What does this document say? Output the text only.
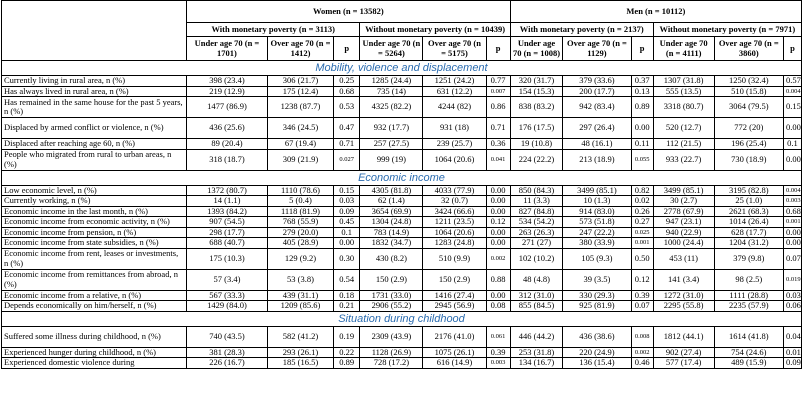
	Women (n = 13582)						Men (n = 10112)					
	With monetary poverty (n = 3113)			Without monetary poverty (n = 10439)			With monetary poverty (n = 2137)			Without monetary poverty (n = 7971)		
	Under age 70 (n = 1701)	Over age 70 (n = 1412)	p	Under age 70 (n = 5264)	Over age 70 (n = 5175)	p	Under age 70 (n = 1008)	Over age 70 (n = 1129)	p	Under age 70 (n = 4111)	Over age 70 (n = 3860)	p
Mobility, violence and displacement												
Currently living in rural area, n (%)	398 (23.4)	306 (21.7)	0.25	1285 (24.4)	1251 (24.2)	0.77	320 (31.7)	379 (33.6)	0.37	1307 (31.8)	1250 (32.4)	0.57
Has always lived in rural area, n (%)	219 (12.9)	175 (12.4)	0.68	735 (14)	631 (12.2)	0.007	154 (15.3)	200 (17.7)	0.13	555 (13.5)	510 (15.8)	0.004
Has remained in the same house for the past 5 years, n (%)	1477 (86.9)	1238 (87.7)	0.53	4325 (82.2)	4244 (82)	0.86	838 (83.2)	942 (83.4)	0.89	3318 (80.7)	3064 (79.5)	0.15
Displaced by armed conflict or violence, n (%)	436 (25.6)	346 (24.5)	0.47	932 (17.7)	931 (18)	0.71	176 (17.5)	297 (26.4)	0.00	520 (12.7)	772 (20)	0.00
Displaced after reaching age 60, n (%)	89 (20.4)	67 (19.4)	0.71	257 (27.5)	239 (25.7)	0.36	19 (10.8)	48 (16.1)	0.11	112 (21.5)	196 (25.4)	0.1
People who migrated from rural to urban areas, n (%)	318 (18.7)	309 (21.9)	0.027	999 (19)	1064 (20.6)	0.041	224 (22.2)	213 (18.9)	0.055	933 (22.7)	730 (18.9)	0.00
Economic income												
Low economic level, n (%)	1372 (80.7)	1110 (78.6)	0.15	4305 (81.8)	4033 (77.9)	0.00	850 (84.3)	3499 (85.1)	0.82	3499 (85.1)	3195 (82.8)	0.004
Currently working, n (%)	14 (1.1)	5 (0.4)	0.03	62 (1.4)	32 (0.7)	0.00	11 (3.3)	10 (1.3)	0.02	30 (2.7)	25 (1.0)	0.003
Economic income in the last month, n (%)	1393 (84.2)	1118 (81.9)	0.09	3654 (69.9)	3424 (66.6)	0.00	827 (84.8)	914 (83.0)	0.26	2778 (67.9)	2621 (68.3)	0.68
Economic income from economic activity, n (%)	907 (54.5)	768 (55.9)	0.45	1304 (24.8)	1211 (23.5)	0.12	534 (54.2)	573 (51.8)	0.27	947 (23.1)	1014 (26.4)	0.001
Economic income from pension, n (%)	298 (17.7)	279 (20.0)	0.1	783 (14.9)	1064 (20.6)	0.00	263 (26.3)	247 (22.2)	0.025	940 (22.9)	628 (17.7)	0.00
Economic income from state subsidies, n (%)	688 (40.7)	405 (28.9)	0.00	1832 (34.7)	1283 (24.8)	0.00	271 (27)	380 (33.9)	0.001	1000 (24.4)	1204 (31.2)	0.00
Economic income from rent, leases or investments, n (%)	175 (10.3)	129 (9.2)	0.30	430 (8.2)	510 (9.9)	0.002	102 (10.2)	105 (9.3)	0.50	453 (11)	379 (9.8)	0.07
Economic income from remittances from abroad, n (%)	57 (3.4)	53 (3.8)	0.54	150 (2.9)	150 (2.9)	0.88	48 (4.8)	39 (3.5)	0.12	141 (3.4)	98 (2.5)	0.019
Economic income from a relative, n (%)	567 (33.3)	439 (31.1)	0.18	1731 (33.0)	1416 (27.4)	0.00	312 (31.0)	330 (29.3)	0.39	1272 (31.0)	1111 (28.8)	0.03
Depends economically on him/herself, n (%)	1429 (84.0)	1209 (85.6)	0.21	2906 (55.2)	2945 (56.9)	0.08	855 (84.5)	925 (81.9)	0.07	2295 (55.8)	2235 (57.9)	0.06
Situation during childhood												
Suffered some illness during childhood, n (%)	740 (43.5)	582 (41.2)	0.19	2309 (43.9)	2176 (41.0)	0.061	446 (44.2)	436 (38.6)	0.008	1812 (44.1)	1614 (41.8)	0.04
Experienced hunger during childhood, n (%)	381 (28.3)	293 (26.1)	0.22	1128 (26.9)	1075 (26.1)	0.39	253 (31.8)	220 (24.9)	0.002	902 (27.4)	754 (24.6)	0.01
Experienced domestic violence during	226 (16.7)	185 (16.5)	0.89	728 (17.2)	616 (14.9)	0.003	134 (16.7)	136 (15.4)	0.46	577 (17.4)	489 (15.9)	0.09
